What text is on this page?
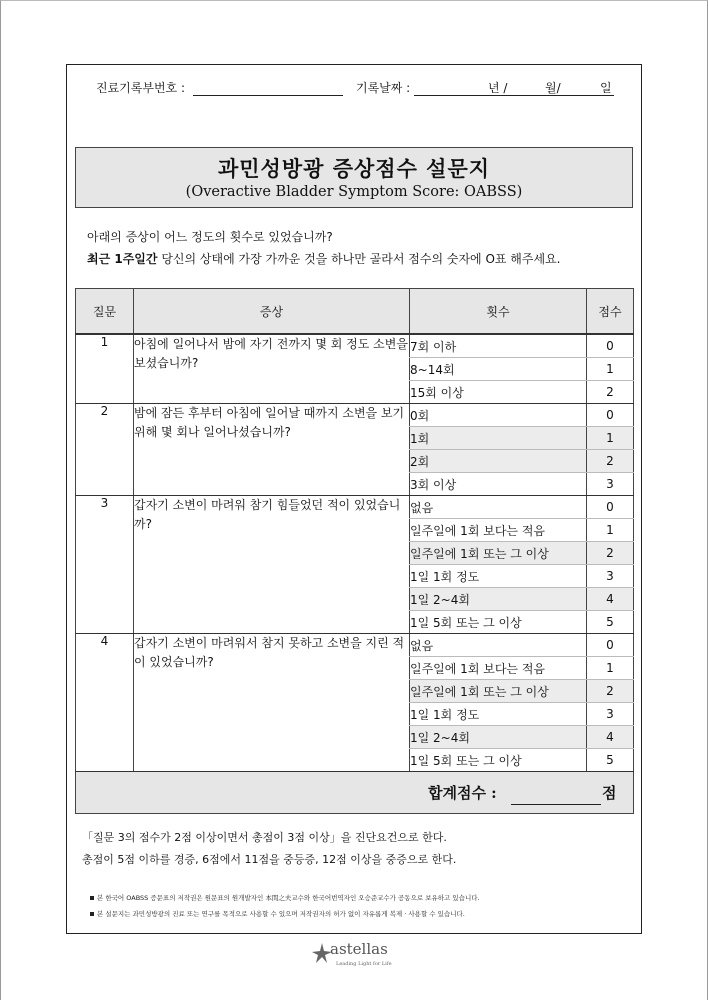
진료기록부번호 :	기록날짜 :	년 /	월/	일
과민성방광 증상점수 설문지
(Overactive Bladder Symptom Score: OABSS)
아래의 증상이 어느 정도의 횟수로 있었습니까?
최근 1주일간 당신의 상태에 가장 가까운 것을 하나만 골라서 점수의 숫자에 O표 해주세요.
질문	증상	횟수	점수
1	아침에 일어나서 밤에 자기 전까지 몇 회 정도 소변을 보셨습니까?	7회 이하	0
		8~14회	1
		15회 이상	2
2	밤에 잠든 후부터 아침에 일어날 때까지 소변을 보기 위해 몇 회나 일어나셨습니까?	0회	0
		1회	1
		2회	2
		3회 이상	3
3	갑자기 소변이 마려워 참기 힘들었던 적이 있었습니까?	없음	0
		일주일에 1회 보다는 적음	1
		일주일에 1회 또는 그 이상	2
		1일 1회 정도	3
		1일 2~4회	4
		1일 5회 또는 그 이상	5
4	갑자기 소변이 마려워서 참지 못하고 소변을 지린 적이 있었습니까?	없음	0
		일주일에 1회 보다는 적음	1
		일주일에 1회 또는 그 이상	2
		1일 1회 정도	3
		1일 2~4회	4
		1일 5회 또는 그 이상	5

합계점수 : 점			
「질문 3의 점수가 2점 이상이면서 총점이 3점 이상」을 진단요건으로 한다.
총점이 5점 이하를 경증, 6점에서 11점을 중등증, 12점 이상을 중증으로 한다.
본 한국어 OABSS 증문표의 저작권은 원문표의 원개발자인 本間之夫교수와 한국어번역자인 오승준교수가 공동으로 보유하고 있습니다.
본 설문지는 과민성방광의 진료 또는 연구를 목적으로 사용할 수 있으며 저작권자의 허가 없이 자유롭게 복제 · 사용할 수 있습니다.
astellas
Leading Light for Life
